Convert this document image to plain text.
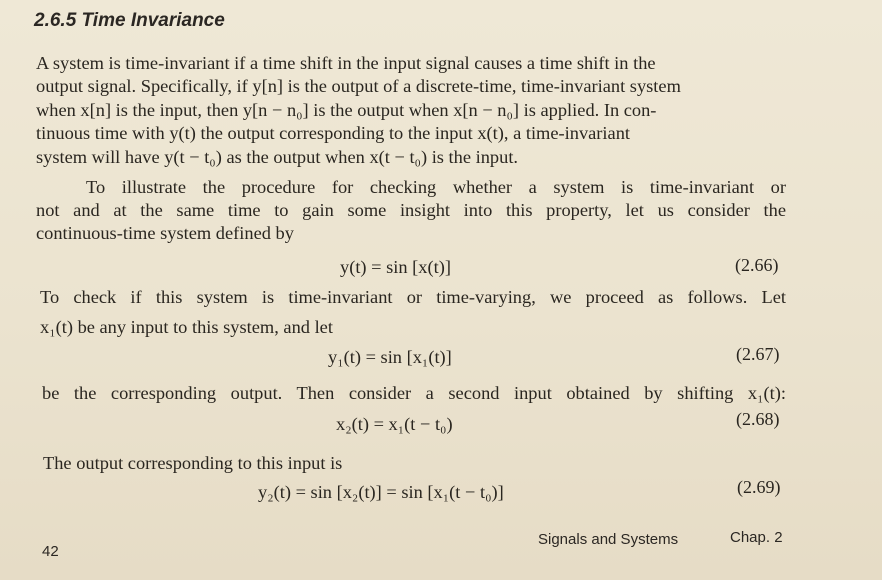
2.6.5 Time Invariance
A system is time-invariant if a time shift in the input signal causes a time shift in the
output signal. Specifically, if y[n] is the output of a discrete-time, time-invariant system
when x[n] is the input, then y[n − n₀] is the output when x[n − n₀] is applied. In con-
tinuous time with y(t) the output corresponding to the input x(t), a time-invariant
system will have y(t − t₀) as the output when x(t − t₀) is the input.
To illustrate the procedure for checking whether a system is time-invariant or
not and at the same time to gain some insight into this property, let us consider the
continuous-time system defined by
y(t) = sin [x(t)]	(2.66)
To check if this system is time-invariant or time-varying, we proceed as follows. Let
x₁(t) be any input to this system, and let
y₁(t) = sin [x₁(t)]	(2.67)
be the corresponding output. Then consider a second input obtained by shifting x₁(t):
x₂(t) = x₁(t − t₀)	(2.68)
The output corresponding to this input is
y₂(t) = sin [x₂(t)] = sin [x₁(t − t₀)]	(2.69)
42
Signals and Systems	Chap. 2
